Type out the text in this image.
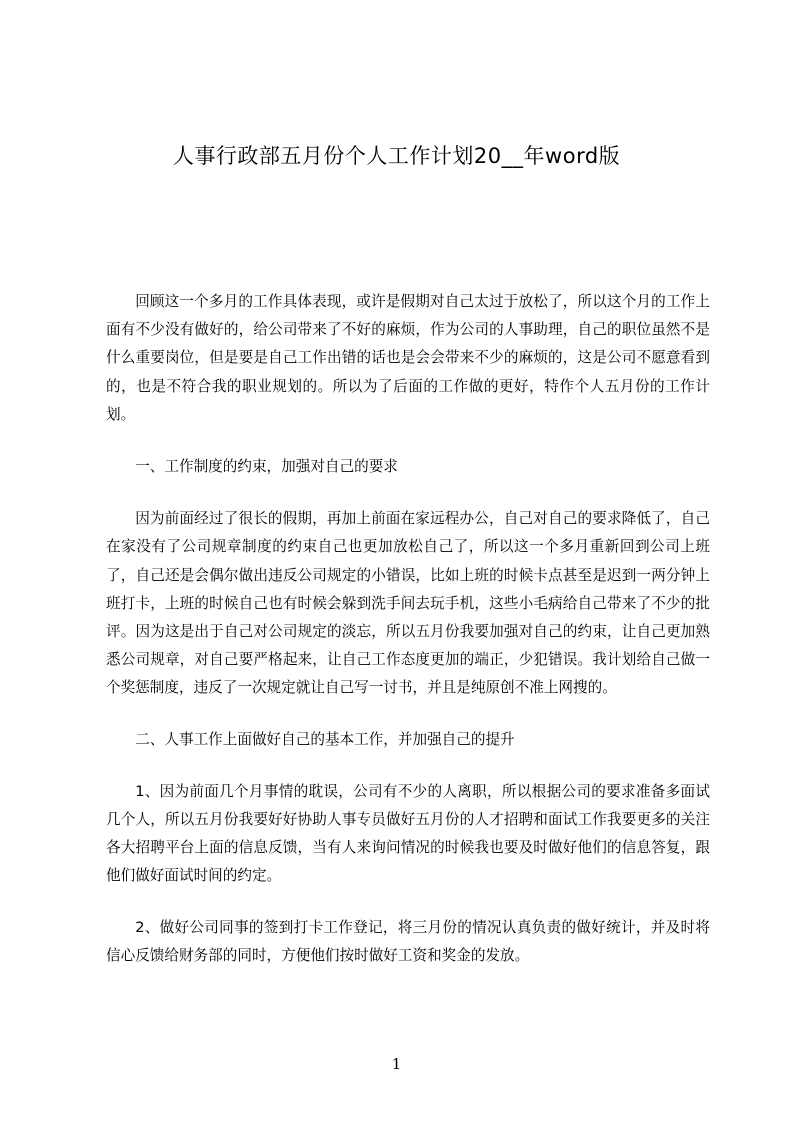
人事行政部五月份个人工作计划20__年word版

回顾这一个多月的工作具体表现，或许是假期对自己太过于放松了，所以这个月的工作上面有不少没有做好的，给公司带来了不好的麻烦，作为公司的人事助理，自己的职位虽然不是什么重要岗位，但是要是自己工作出错的话也是会会带来不少的麻烦的，这是公司不愿意看到的，也是不符合我的职业规划的。所以为了后面的工作做的更好，特作个人五月份的工作计划。

一、工作制度的约束，加强对自己的要求

因为前面经过了很长的假期，再加上前面在家远程办公，自己对自己的要求降低了，自己在家没有了公司规章制度的约束自己也更加放松自己了，所以这一个多月重新回到公司上班了，自己还是会偶尔做出违反公司规定的小错误，比如上班的时候卡点甚至是迟到一两分钟上班打卡，上班的时候自己也有时候会躲到洗手间去玩手机，这些小毛病给自己带来了不少的批评。因为这是出于自己对公司规定的淡忘，所以五月份我要加强对自己的约束，让自己更加熟悉公司规章，对自己要严格起来，让自己工作态度更加的端正，少犯错误。我计划给自己做一个奖惩制度，违反了一次规定就让自己写一讨书，并且是纯原创不准上网搜的。

二、人事工作上面做好自己的基本工作，并加强自己的提升

1、因为前面几个月事情的耽误，公司有不少的人离职，所以根据公司的要求准备多面试几个人，所以五月份我要好好协助人事专员做好五月份的人才招聘和面试工作我要更多的关注各大招聘平台上面的信息反馈，当有人来询问情况的时候我也要及时做好他们的信息答复，跟他们做好面试时间的约定。

2、做好公司同事的签到打卡工作登记，将三月份的情况认真负责的做好统计，并及时将信心反馈给财务部的同时，方便他们按时做好工资和奖金的发放。

1
